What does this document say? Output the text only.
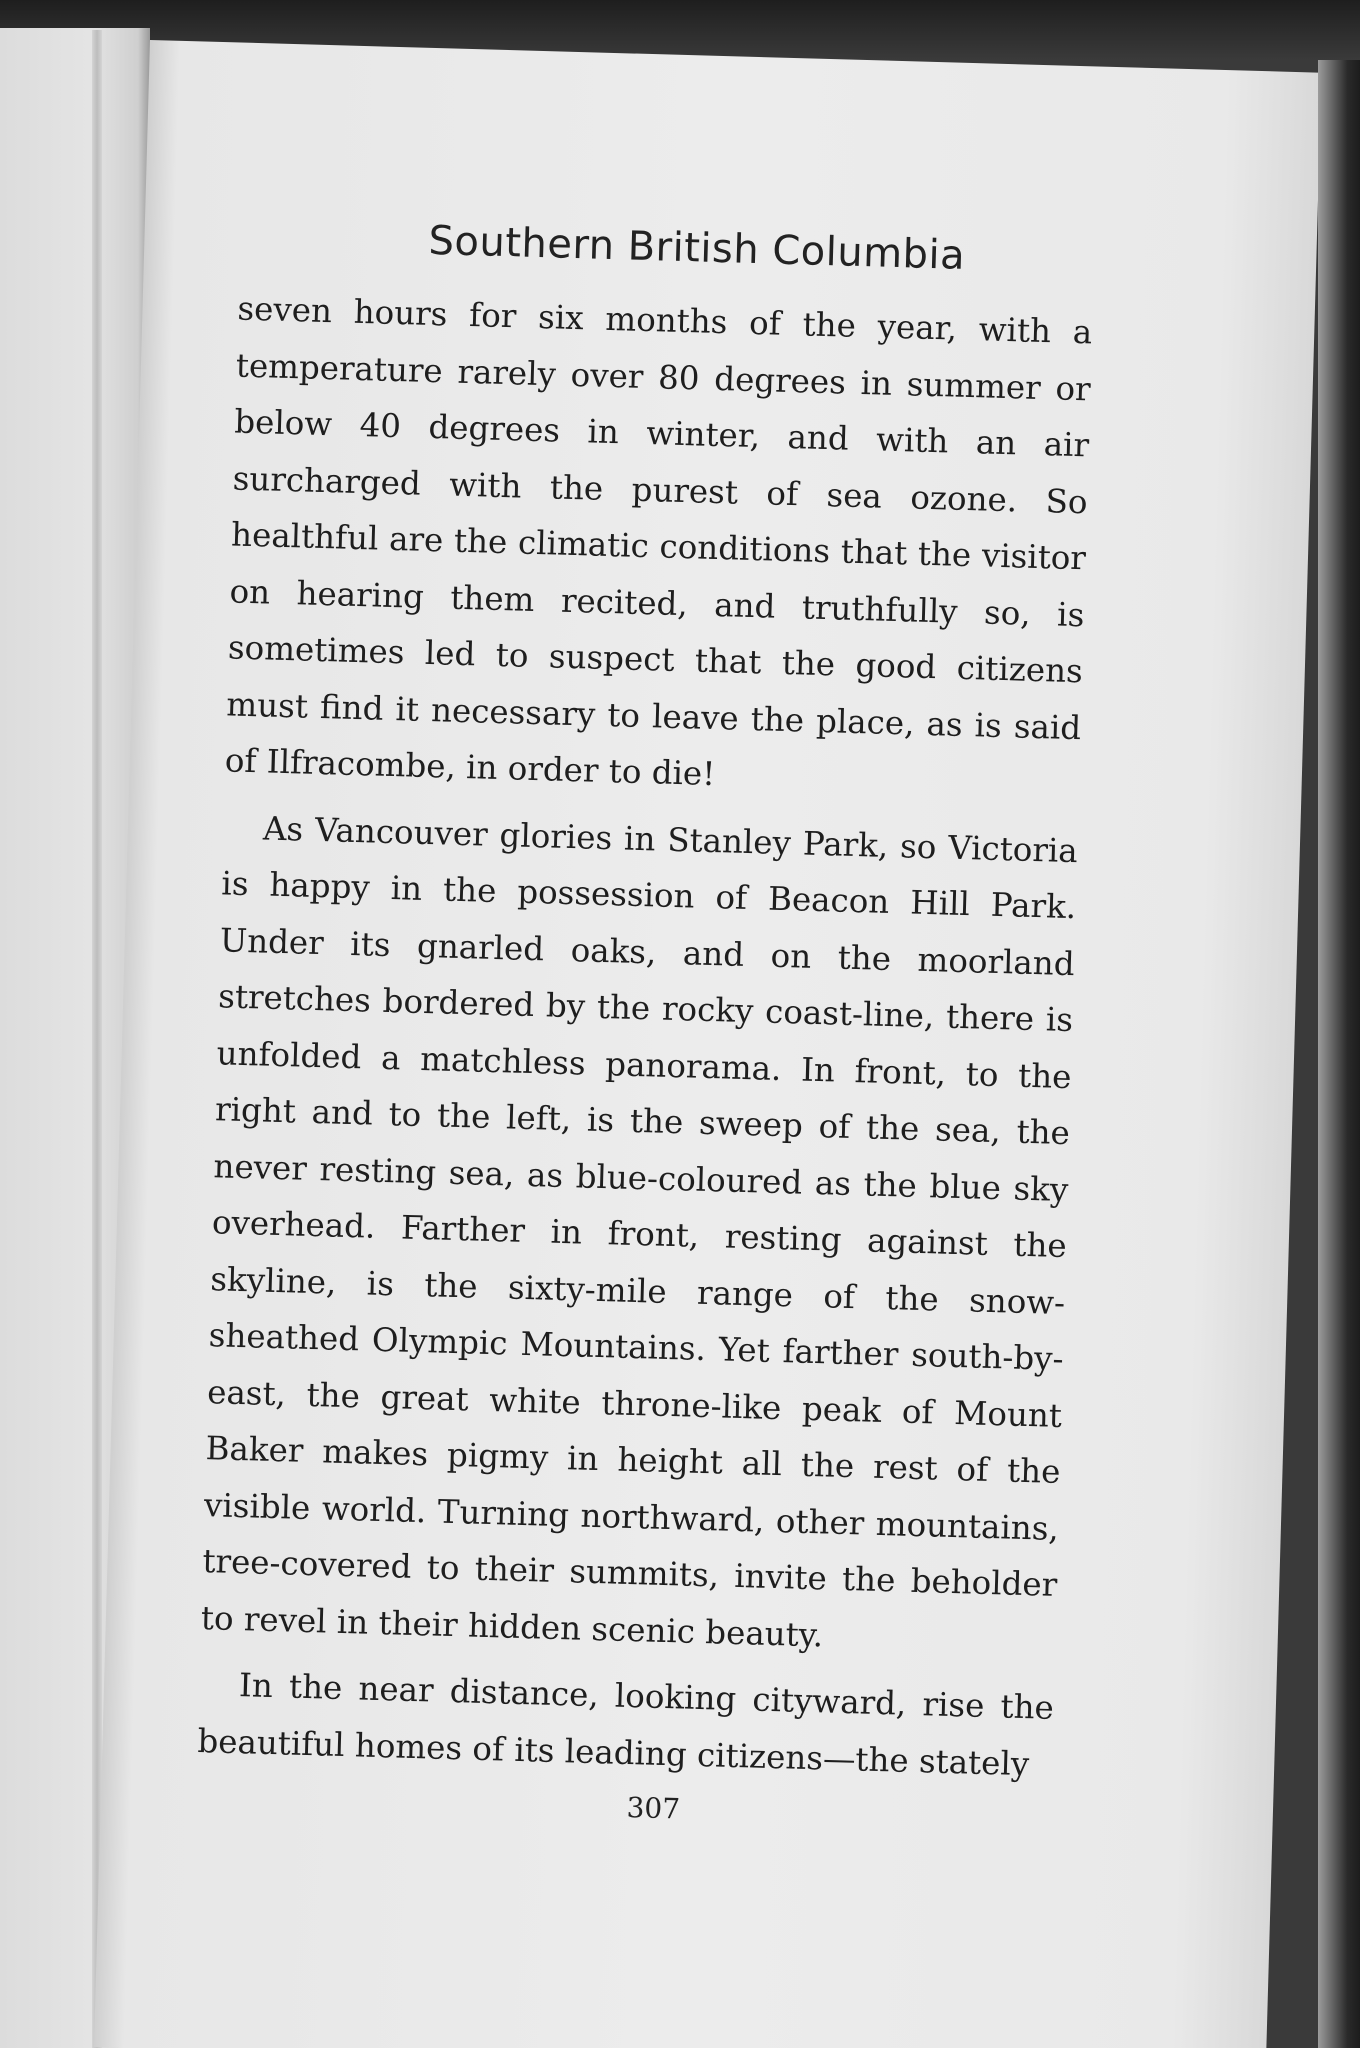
Southern British Columbia

seven hours for six months of the year, with a temperature rarely over 80 degrees in summer or below 40 degrees in winter, and with an air surcharged with the purest of sea ozone. So healthful are the climatic conditions that the visitor on hearing them recited, and truthfully so, is sometimes led to suspect that the good citizens must find it necessary to leave the place, as is said of Ilfracombe, in order to die!

As Vancouver glories in Stanley Park, so Victoria is happy in the possession of Beacon Hill Park. Under its gnarled oaks, and on the moorland stretches bordered by the rocky coast-line, there is unfolded a matchless panorama. In front, to the right and to the left, is the sweep of the sea, the never resting sea, as blue-coloured as the blue sky overhead. Farther in front, resting against the skyline, is the sixty-mile range of the snow-sheathed Olympic Mountains. Yet farther south-by-east, the great white throne-like peak of Mount Baker makes pigmy in height all the rest of the visible world. Turning northward, other mountains, tree-covered to their summits, invite the beholder to revel in their hidden scenic beauty.

In the near distance, looking cityward, rise the beautiful homes of its leading citizens—the stately

307
